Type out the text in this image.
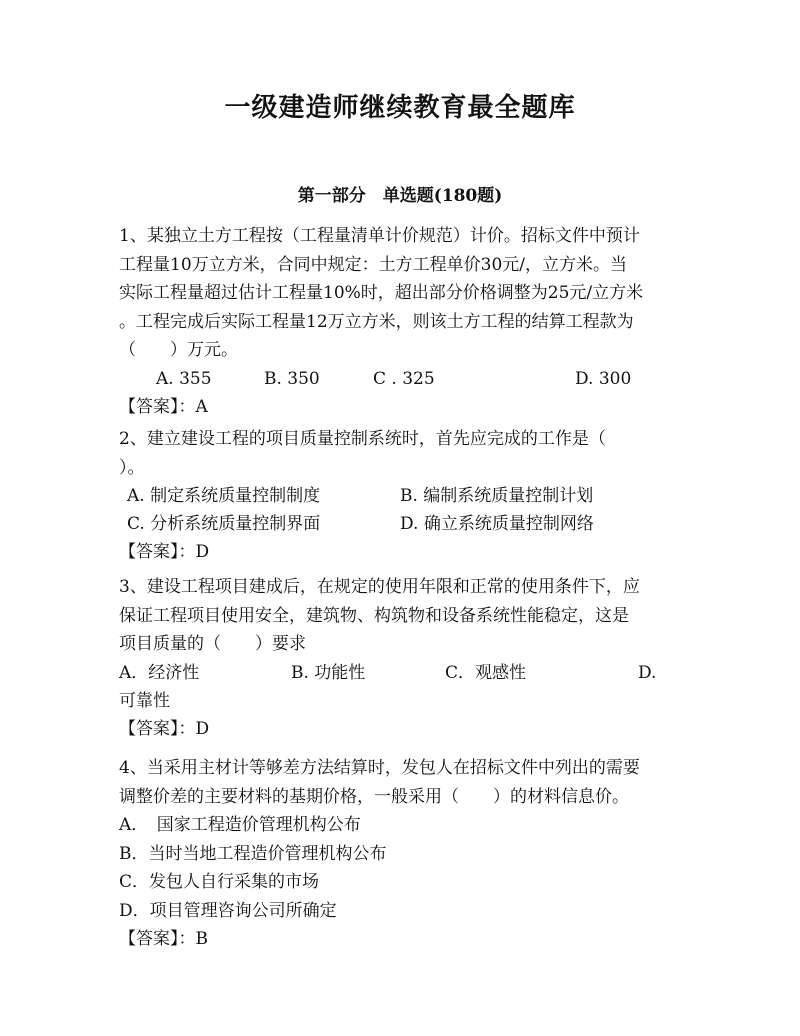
一级建造师继续教育最全题库
第一部分　单选题(180题)
1、某独立土方工程按（工程量清单计价规范）计价。招标文件中预计
工程量10万立方米，合同中规定：土方工程单价30元/，立方米。当
实际工程量超过估计工程量10%时，超出部分价格调整为25元/立方米
。工程完成后实际工程量12万立方米，则该土方工程的结算工程款为
（　　）万元。
A. 355	B. 350	C . 325	D. 300
【答案】：A
2、建立建设工程的项目质量控制系统时，首先应完成的工作是（
）。
A. 制定系统质量控制制度	B. 编制系统质量控制计划
C. 分析系统质量控制界面	D. 确立系统质量控制网络
【答案】：D
3、建设工程项目建成后，在规定的使用年限和正常的使用条件下，应
保证工程项目使用安全，建筑物、构筑物和设备系统性能稳定，这是
项目质量的（　　）要求
A．经济性	B. 功能性	C．观感性	D.
可靠性
【答案】：D
4、当采用主材计等够差方法结算时，发包人在招标文件中列出的需要
调整价差的主要材料的基期价格，一般采用（　　）的材料信息价。
A．　国家工程造价管理机构公布
B．当时当地工程造价管理机构公布
C．发包人自行采集的市场
D．项目管理咨询公司所确定
【答案】：B
